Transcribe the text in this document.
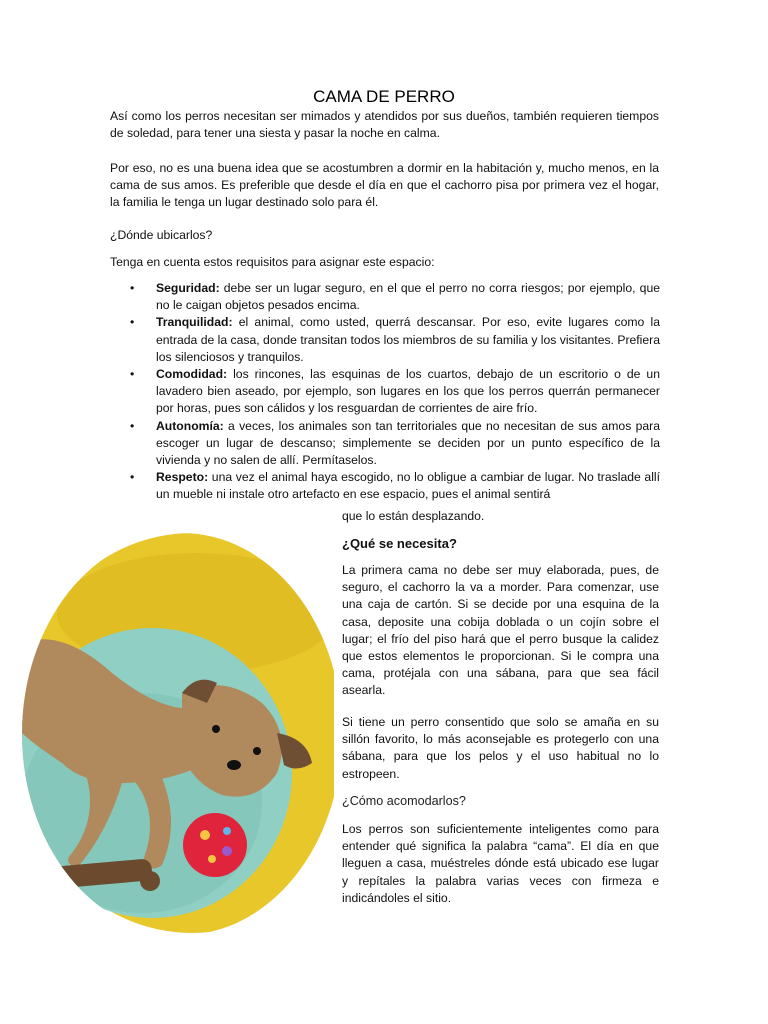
CAMA DE PERRO

Así como los perros necesitan ser mimados y atendidos por sus dueños, también requieren tiempos de soledad, para tener una siesta y pasar la noche en calma.

Por eso, no es una buena idea que se acostumbren a dormir en la habitación y, mucho menos, en la cama de sus amos. Es preferible que desde el día en que el cachorro pisa por primera vez el hogar, la familia le tenga un lugar destinado solo para él.

¿Dónde ubicarlos?

Tenga en cuenta estos requisitos para asignar este espacio:

• Seguridad: debe ser un lugar seguro, en el que el perro no corra riesgos; por ejemplo, que no le caigan objetos pesados encima.
• Tranquilidad: el animal, como usted, querrá descansar. Por eso, evite lugares como la entrada de la casa, donde transitan todos los miembros de su familia y los visitantes. Prefiera los silenciosos y tranquilos.
• Comodidad: los rincones, las esquinas de los cuartos, debajo de un escritorio o de un lavadero bien aseado, por ejemplo, son lugares en los que los perros querrán permanecer por horas, pues son cálidos y los resguardan de corrientes de aire frío.
• Autonomía: a veces, los animales son tan territoriales que no necesitan de sus amos para escoger un lugar de descanso; simplemente se deciden por un punto específico de la vivienda y no salen de allí. Permítaselos.
• Respeto: una vez el animal haya escogido, no lo obligue a cambiar de lugar. No traslade allí un mueble ni instale otro artefacto en ese espacio, pues el animal sentirá
que lo están desplazando.
¿Qué se necesita?

La primera cama no debe ser muy elaborada, pues, de seguro, el cachorro la va a morder. Para comenzar, use una caja de cartón. Si se decide por una esquina de la casa, deposite una cobija doblada o un cojín sobre el lugar; el frío del piso hará que el perro busque la calidez que estos elementos le proporcionan. Si le compra una cama, protéjala con una sábana, para que sea fácil asearla.

Si tiene un perro consentido que solo se amaña en su sillón favorito, lo más aconsejable es protegerlo con una sábana, para que los pelos y el uso habitual no lo estropeen.

¿Cómo acomodarlos?

Los perros son suficientemente inteligentes como para entender qué significa la palabra “cama”. El día en que lleguen a casa, muéstreles dónde está ubicado ese lugar y repítales la palabra varias veces con firmeza e indicándoles el sitio.
